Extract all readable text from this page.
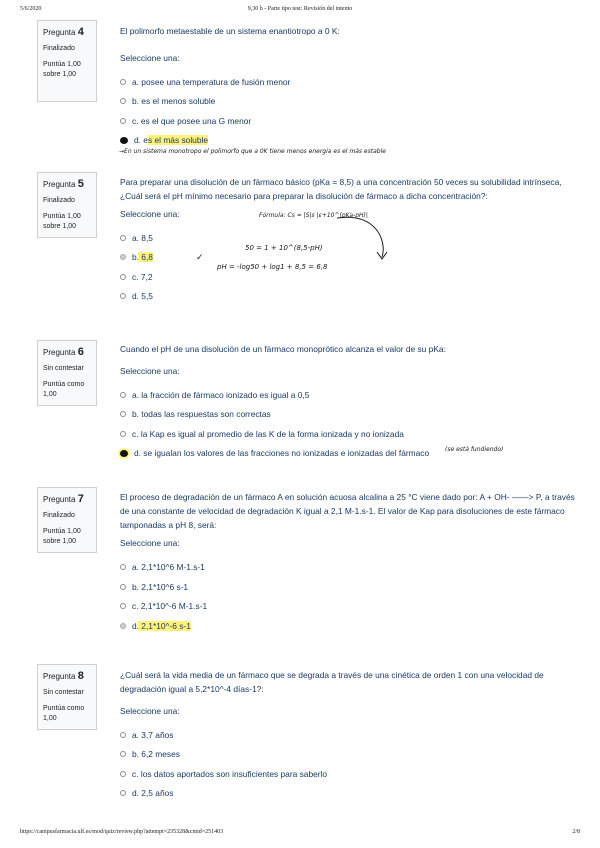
5/6/2020	9,30 h - Parte tipo test: Revisión del intento
Pregunta 4
Finalizado
Puntúa 1,00
sobre 1,00

El polimorfo metaestable de un sistema enantiotropo a 0 K:

Seleccione una:

a. posee una temperatura de fusión menor
b. es el menos soluble
c. es el que posee una G menor
d. es el más soluble
→En un sistema monotropo el polimorfo que a 0K tiene menos energía es el más estable
Pregunta 5
Finalizado
Puntúa 1,00
sobre 1,00

Para preparar una disolución de un fármaco básico (pKa = 8,5) a una concentración 50 veces su solubilidad intrínseca, ¿Cuál será el pH mínimo necesario para preparar la disolución de fármaco a dicha concentración?:

Seleccione una:

a. 8,5
b. 6,8	✓
c. 7,2
d. 5,5
Fórmula: Cs = |S|s |ε+10^(pKa-pH)|
50 = 1 + 10^(8,5-pH)
pH = -log50 + log1 + 8,5 = 6,8
Pregunta 6
Sin contestar
Puntúa como
1,00

Cuando el pH de una disolución de un fármaco monoprótico alcanza el valor de su pKa:

Seleccione una:

a. la fracción de fármaco ionizado es igual a 0,5
b. todas las respuestas son correctas
c. la Kap es igual al promedio de las K de la forma ionizada y no ionizada
d. se igualan los valores de las fracciones no ionizadas e ionizadas del fármaco	(se está fundiendo)
Pregunta 7
Finalizado
Puntúa 1,00
sobre 1,00

El proceso de degradación de un fármaco A en solución acuosa alcalina a 25 °C viene dado por: A + OH- ——> P, a través de una constante de velocidad de degradación K igual a 2,1 M-1.s-1. El valor de Kap para disoluciones de este fármaco tamponadas a pH 8, será:

Seleccione una:

a. 2,1*10^6 M-1.s-1
b. 2,1*10^6 s-1
c. 2,1*10^-6 M-1.s-1
d. 2,1*10^-6 s-1
Pregunta 8
Sin contestar
Puntúa como
1,00

¿Cuál será la vida media de un fármaco que se degrada a través de una cinética de orden 1 con una velocidad de degradación igual a 5,2*10^-4 días-1?:

Seleccione una:

a. 3,7 años
b. 6,2 meses
c. los datos aportados son insuficientes para saberlo
d. 2,5 años
https://campusfarmacia.ulf.es/mod/quiz/review.php?attempt=235328&cmid=251403	2/8
